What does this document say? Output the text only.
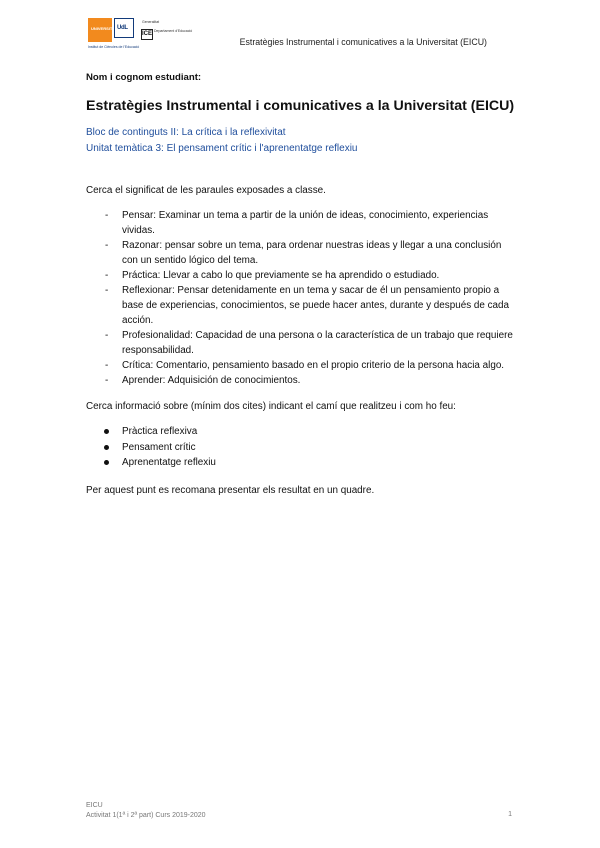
UNIVERSITAT UdL
Institut de Ciències de l'Educació
Generalitat
ICE Departament d'Educació
Estratègies Instrumental i comunicatives a la Universitat (EICU)

Nom i cognom estudiant:

Estratègies Instrumental i comunicatives a la Universitat (EICU)

Bloc de continguts II: La crítica i la reflexivitat

Unitat temàtica 3: El pensament crític i l'aprenentatge reflexiu

Cerca el significat de les paraules exposades a classe.

- Pensar: Examinar un tema a partir de la unión de ideas, conocimiento, experiencias vividas.
- Razonar: pensar sobre un tema, para ordenar nuestras ideas y llegar a una conclusión con un sentido lógico del tema.
- Práctica: Llevar a cabo lo que previamente se ha aprendido o estudiado.
- Reflexionar: Pensar detenidamente en un tema y sacar de él un pensamiento propio a base de experiencias, conocimientos, se puede hacer antes, durante y después de cada acción.
- Profesionalidad: Capacidad de una persona o la característica de un trabajo que requiere responsabilidad.
- Crítica: Comentario, pensamiento basado en el propio criterio de la persona hacia algo.
- Aprender: Adquisición de conocimientos.

Cerca informació sobre (mínim dos cites) indicant el camí que realitzeu i com ho feu:

Pràctica reflexiva
Pensament crític
Aprenentatge reflexiu

Per aquest punt es recomana presentar els resultat en un quadre.

EICU
Activitat 1(1ª i 2ª part) Curs 2019-2020	1
